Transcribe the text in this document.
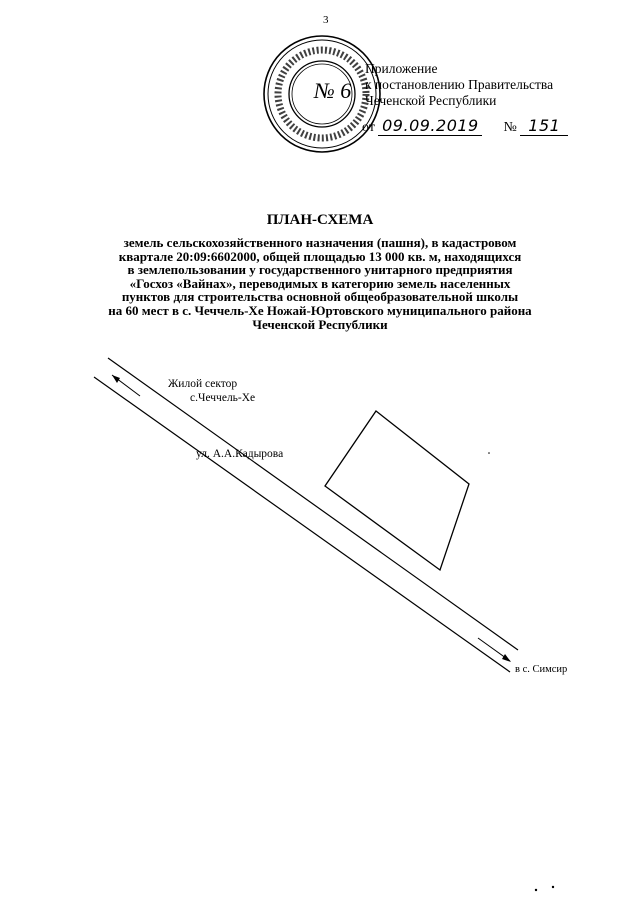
3
№ 6
Приложение
к постановлению Правительства
Чеченской Республики
от 09.09.2019 № 151
ПЛАН-СХЕМА
земель сельскохозяйственного назначения (пашня), в кадастровом
квартале 20:09:6602000, общей площадью 13 000 кв. м, находящихся
в землепользовании у государственного унитарного предприятия
«Госхоз «Вайнах», переводимых в категорию земель населенных
пунктов для строительства основной общеобразовательной школы
на 60 мест в с. Чеччель-Хе Ножай-Юртовского муниципального района
Чеченской Республики
Жилой сектор
с.Чеччель-Хе
ул. А.А.Кадырова
в с. Симсир
